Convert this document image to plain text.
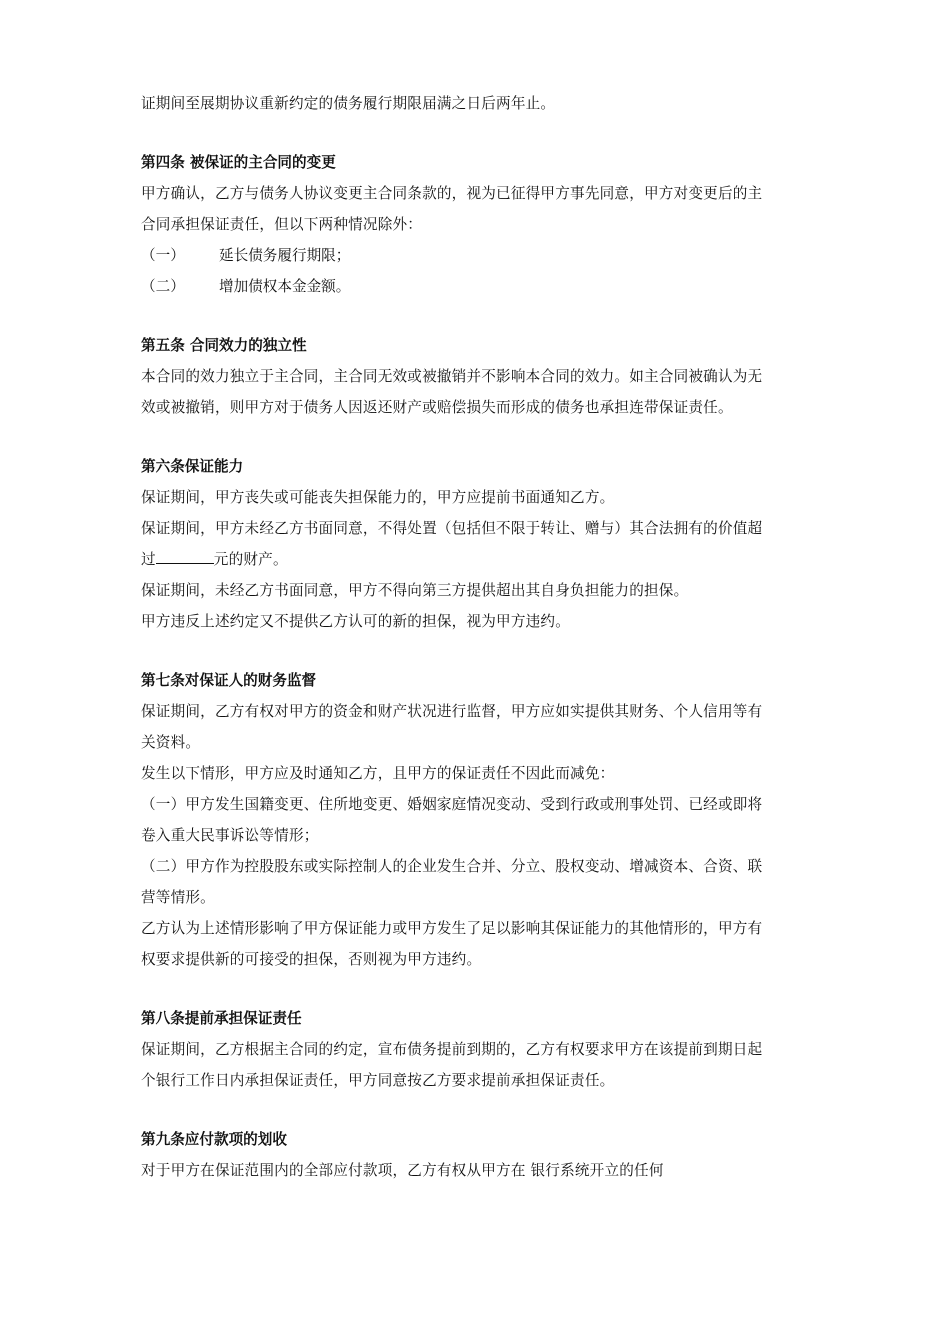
证期间至展期协议重新约定的债务履行期限届满之日后两年止。
第四条 被保证的主合同的变更
甲方确认，乙方与债务人协议变更主合同条款的，视为已征得甲方事先同意，甲方对变更后的主
合同承担保证责任，但以下两种情况除外：
（一）	延长债务履行期限；
（二）	增加债权本金金额。
第五条 合同效力的独立性
本合同的效力独立于主合同，主合同无效或被撤销并不影响本合同的效力。如主合同被确认为无
效或被撤销，则甲方对于债务人因返还财产或赔偿损失而形成的债务也承担连带保证责任。
第六条保证能力
保证期间，甲方丧失或可能丧失担保能力的，甲方应提前书面通知乙方。
保证期间，甲方未经乙方书面同意，不得处置（包括但不限于转让、赠与）其合法拥有的价值超
过	元的财产。
保证期间，未经乙方书面同意，甲方不得向第三方提供超出其自身负担能力的担保。
甲方违反上述约定又不提供乙方认可的新的担保，视为甲方违约。
第七条对保证人的财务监督
保证期间，乙方有权对甲方的资金和财产状况进行监督，甲方应如实提供其财务、个人信用等有
关资料。
发生以下情形，甲方应及时通知乙方，且甲方的保证责任不因此而减免：
（一）甲方发生国籍变更、住所地变更、婚姻家庭情况变动、受到行政或刑事处罚、已经或即将
卷入重大民事诉讼等情形；
（二）甲方作为控股股东或实际控制人的企业发生合并、分立、股权变动、增减资本、合资、联
营等情形。
乙方认为上述情形影响了甲方保证能力或甲方发生了足以影响其保证能力的其他情形的，甲方有
权要求提供新的可接受的担保，否则视为甲方违约。
第八条提前承担保证责任
保证期间，乙方根据主合同的约定，宣布债务提前到期的，乙方有权要求甲方在该提前到期日起
个银行工作日内承担保证责任，甲方同意按乙方要求提前承担保证责任。
第九条应付款项的划收
对于甲方在保证范围内的全部应付款项，乙方有权从甲方在 银行系统开立的任何
